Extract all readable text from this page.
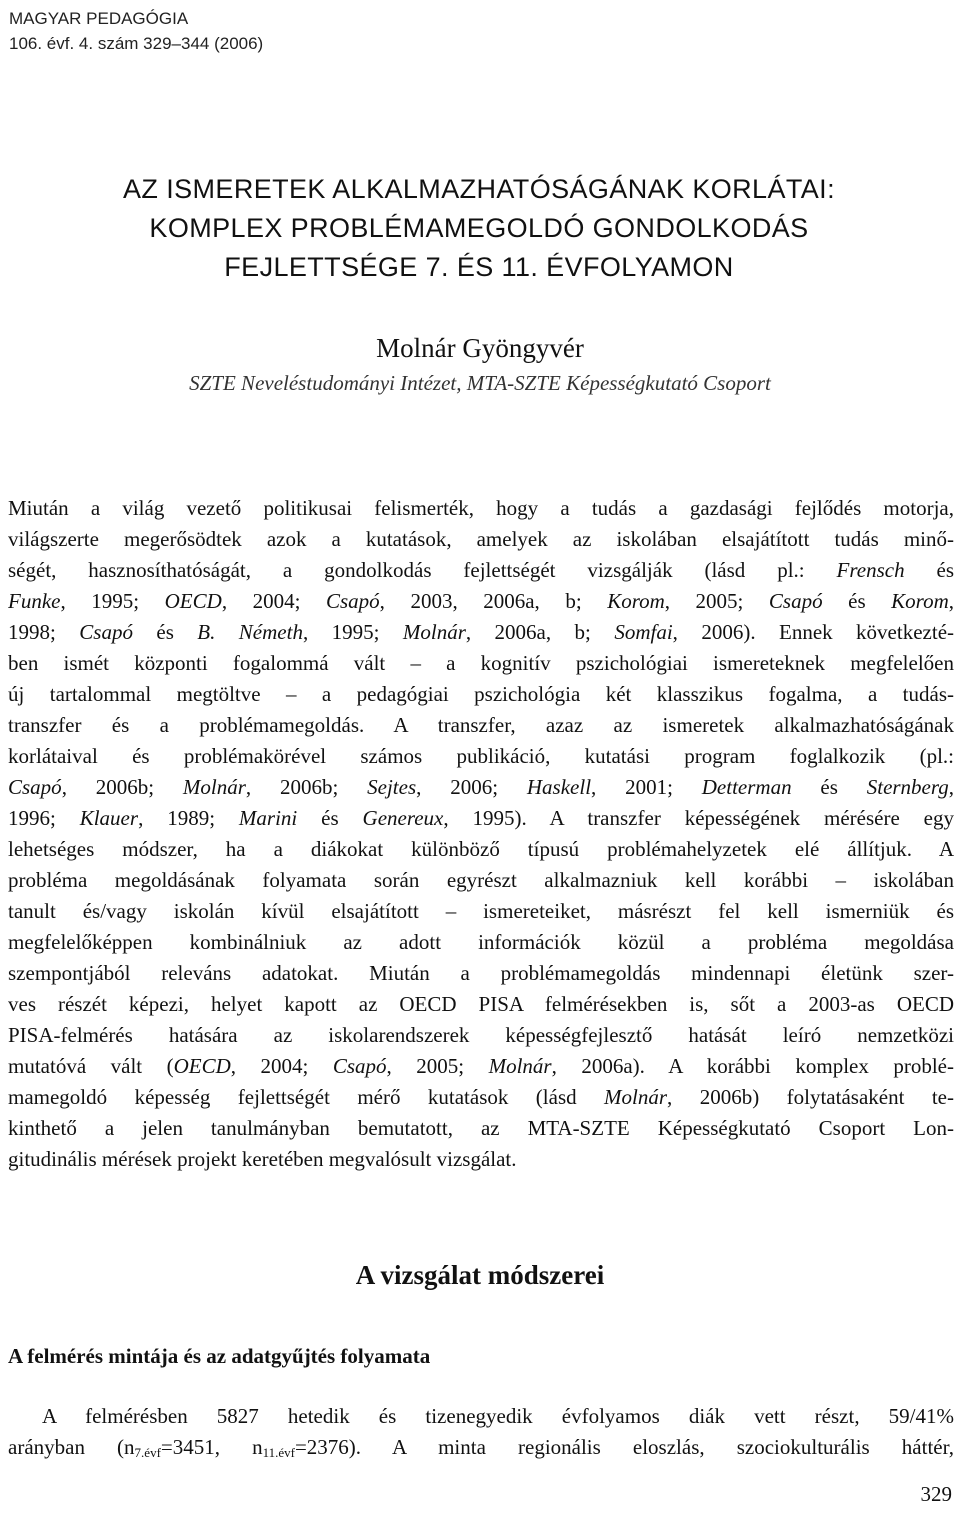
MAGYAR PEDAGÓGIA
106. évf. 4. szám 329–344 (2006)
AZ ISMERETEK ALKALMAZHATÓSÁGÁNAK KORLÁTAI:
KOMPLEX PROBLÉMAMEGOLDÓ GONDOLKODÁS
FEJLETTSÉGE 7. ÉS 11. ÉVFOLYAMON
Molnár Gyöngyvér
SZTE Neveléstudományi Intézet, MTA-SZTE Képességkutató Csoport
Miután a világ vezető politikusai felismerték, hogy a tudás a gazdasági fejlődés motorja,
világszerte megerősödtek azok a kutatások, amelyek az iskolában elsajátított tudás minő-
ségét, hasznosíthatóságát, a gondolkodás fejlettségét vizsgálják (lásd pl.: Frensch és
Funke, 1995; OECD, 2004; Csapó, 2003, 2006a, b; Korom, 2005; Csapó és Korom,
1998; Csapó és B. Németh, 1995; Molnár, 2006a, b; Somfai, 2006). Ennek következté-
ben ismét központi fogalommá vált – a kognitív pszichológiai ismereteknek megfelelően
új tartalommal megtöltve – a pedagógiai pszichológia két klasszikus fogalma, a tudás-
transzfer és a problémamegoldás. A transzfer, azaz az ismeretek alkalmazhatóságának
korlátaival és problémakörével számos publikáció, kutatási program foglalkozik (pl.:
Csapó, 2006b; Molnár, 2006b; Sejtes, 2006; Haskell, 2001; Detterman és Sternberg,
1996; Klauer, 1989; Marini és Genereux, 1995). A transzfer képességének mérésére egy
lehetséges módszer, ha a diákokat különböző típusú problémahelyzetek elé állítjuk. A
probléma megoldásának folyamata során egyrészt alkalmazniuk kell korábbi – iskolában
tanult és/vagy iskolán kívül elsajátított – ismereteiket, másrészt fel kell ismerniük és
megfelelőképpen kombinálniuk az adott információk közül a probléma megoldása
szempontjából releváns adatokat. Miután a problémamegoldás mindennapi életünk szer-
ves részét képezi, helyet kapott az OECD PISA felmérésekben is, sőt a 2003-as OECD
PISA-felmérés hatására az iskolarendszerek képességfejlesztő hatását leíró nemzetközi
mutatóvá vált (OECD, 2004; Csapó, 2005; Molnár, 2006a). A korábbi komplex problé-
mamegoldó képesség fejlettségét mérő kutatások (lásd Molnár, 2006b) folytatásaként te-
kinthető a jelen tanulmányban bemutatott, az MTA-SZTE Képességkutató Csoport Lon-
gitudinális mérések projekt keretében megvalósult vizsgálat.
A vizsgálat módszerei
A felmérés mintája és az adatgyűjtés folyamata
A felmérésben 5827 hetedik és tizenegyedik évfolyamos diák vett részt, 59/41%
arányban ($n_{7.évf}=3451$, $n_{11.évf}=2376$). A minta regionális eloszlás, szociokulturális háttér,
329
